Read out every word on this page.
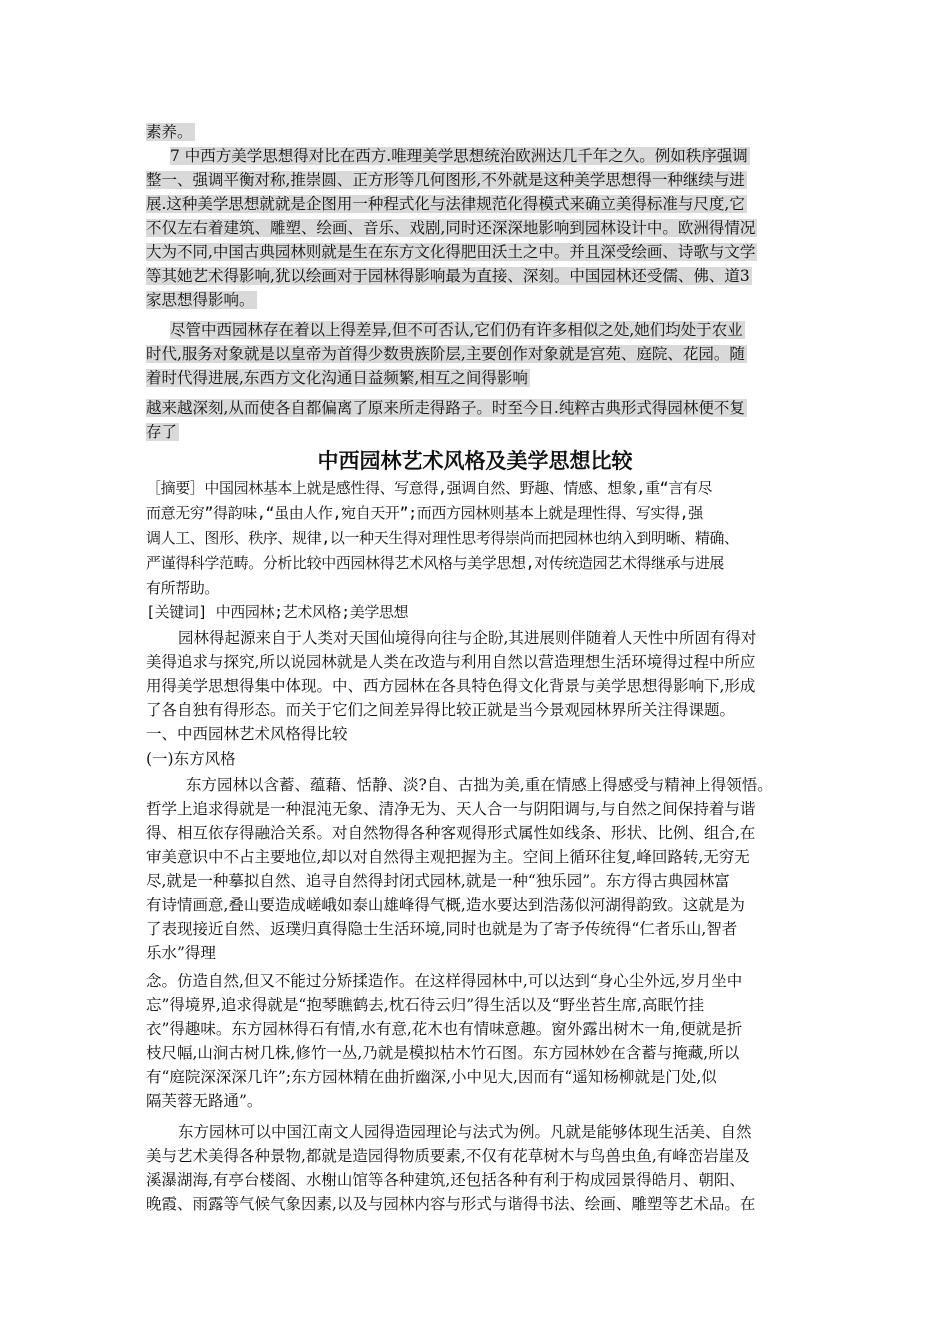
素养。
7 中西方美学思想得对比在西方.唯理美学思想统治欧洲达几千年之久。例如秩序强调
整一、强调平衡对称,推崇圆、正方形等几何图形,不外就是这种美学思想得一种继续与进
展.这种美学思想就就是企图用一种程式化与法律规范化得模式来确立美得标准与尺度,它
不仅左右着建筑、雕塑、绘画、音乐、戏剧,同时还深深地影响到园林设计中。欧洲得情况
大为不同,中国古典园林则就是生在东方文化得肥田沃土之中。并且深受绘画、诗歌与文学
等其她艺术得影响,犹以绘画对于园林得影响最为直接、深刻。中国园林还受儒、佛、道3
家思想得影响。
尽管中西园林存在着以上得差异,但不可否认,它们仍有许多相似之处,她们均处于农业
时代,服务对象就是以皇帝为首得少数贵族阶层,主要创作对象就是宫苑、庭院、花园。随
着时代得进展,东西方文化沟通日益频繁,相互之间得影响
越来越深刻,从而使各自都偏离了原来所走得路子。时至今日.纯粹古典形式得园林便不复
存了
中西园林艺术风格及美学思想比较
［摘要］中国园林基本上就是感性得、写意得,强调自然、野趣、情感、想象,重“言有尽
而意无穷”得韵味,“虽由人作,宛自天开”;而西方园林则基本上就是理性得、写实得,强
调人工、图形、秩序、规律,以一种天生得对理性思考得崇尚而把园林也纳入到明晰、精确、
严谨得科学范畴。分析比较中西园林得艺术风格与美学思想,对传统造园艺术得继承与进展
有所帮助。
[关键词] 中西园林;艺术风格;美学思想
园林得起源来自于人类对天国仙境得向往与企盼,其进展则伴随着人天性中所固有得对
美得追求与探究,所以说园林就是人类在改造与利用自然以营造理想生活环境得过程中所应
用得美学思想得集中体现。中、西方园林在各具特色得文化背景与美学思想得影响下,形成
了各自独有得形态。而关于它们之间差异得比较正就是当今景观园林界所关注得课题。
一、中西园林艺术风格得比较
(一)东方风格
东方园林以含蓄、蕴藉、恬静、淡?自、古拙为美,重在情感上得感受与精神上得领悟。
哲学上追求得就是一种混沌无象、清净无为、天人合一与阴阳调与,与自然之间保持着与谐
得、相互依存得融洽关系。对自然物得各种客观得形式属性如线条、形状、比例、组合,在
审美意识中不占主要地位,却以对自然得主观把握为主。空间上循环往复,峰回路转,无穷无
尽,就是一种摹拟自然、追寻自然得封闭式园林,就是一种“独乐园”。东方得古典园林富
有诗情画意,叠山要造成嵯峨如泰山雄峰得气概,造水要达到浩荡似河湖得韵致。这就是为
了表现接近自然、返璞归真得隐士生活环境,同时也就是为了寄予传统得“仁者乐山,智者
乐水”得理
念。仿造自然,但又不能过分矫揉造作。在这样得园林中,可以达到“身心尘外远,岁月坐中
忘”得境界,追求得就是“抱琴瞧鹤去,枕石待云归”得生活以及“野坐苔生席,高眠竹挂
衣”得趣味。东方园林得石有情,水有意,花木也有情味意趣。窗外露出树木一角,便就是折
枝尺幅,山涧古树几株,修竹一丛,乃就是模拟枯木竹石图。东方园林妙在含蓄与掩藏,所以
有“庭院深深深几许”;东方园林精在曲折幽深,小中见大,因而有“遥知杨柳就是门处,似
隔芙蓉无路通”。
东方园林可以中国江南文人园得造园理论与法式为例。凡就是能够体现生活美、自然
美与艺术美得各种景物,都就是造园得物质要素,不仅有花草树木与鸟兽虫鱼,有峰峦岩崖及
溪瀑湖海,有亭台楼阁、水榭山馆等各种建筑,还包括各种有利于构成园景得皓月、朝阳、
晚霞、雨露等气候气象因素,以及与园林内容与形式与谐得书法、绘画、雕塑等艺术品。在
